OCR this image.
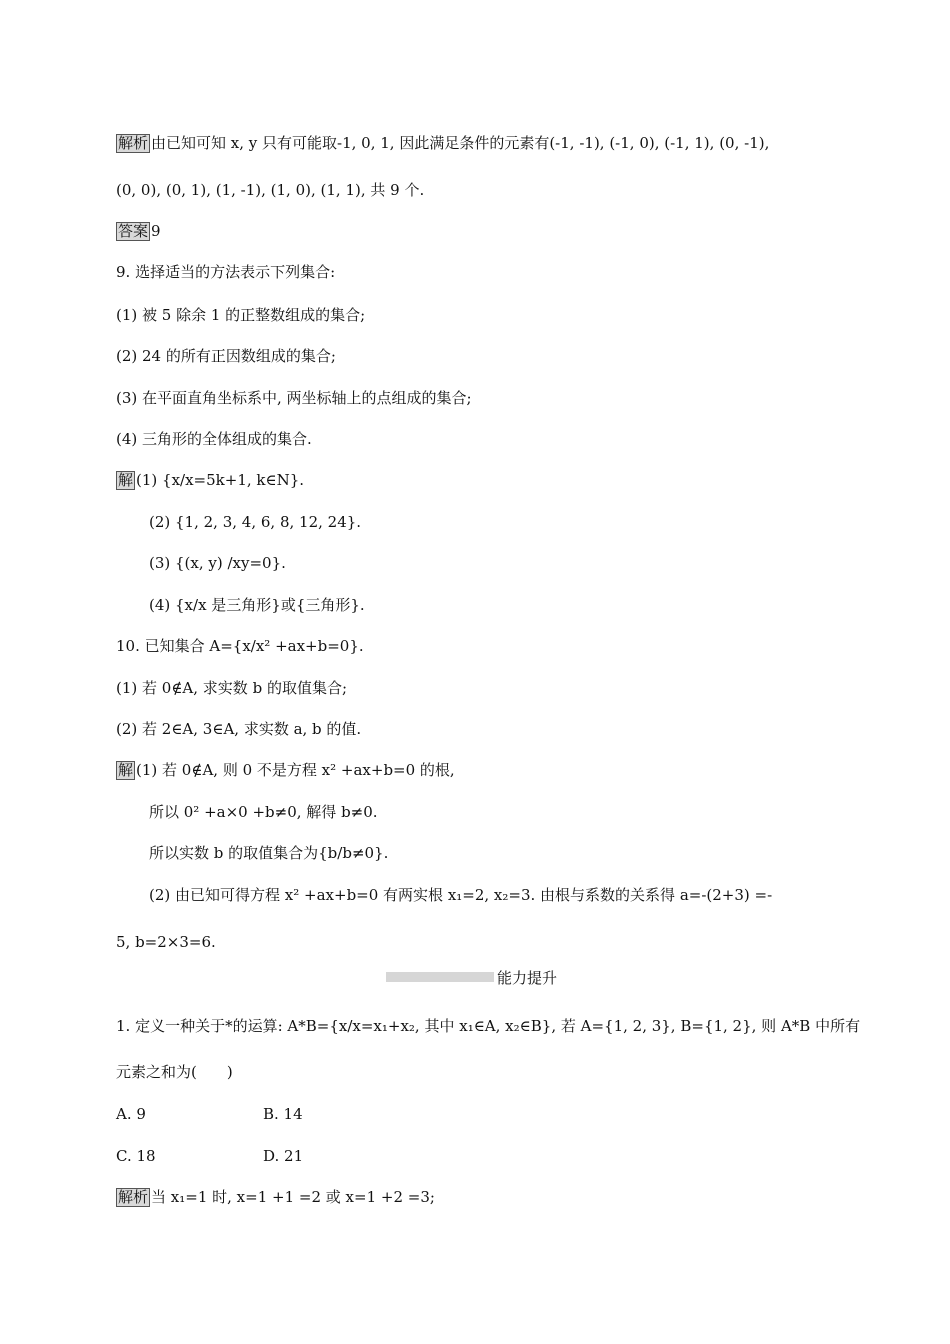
解析 由已知可知 x, y 只有可能取-1, 0, 1, 因此满足条件的元素有(-1, -1), (-1, 0), (-1, 1), (0, -1),
(0, 0), (0, 1), (1, -1), (1, 0), (1, 1), 共 9 个.
答案 9
9. 选择适当的方法表示下列集合:
(1) 被 5 除余 1 的正整数组成的集合;
(2) 24 的所有正因数组成的集合;
(3) 在平面直角坐标系中, 两坐标轴上的点组成的集合;
(4) 三角形的全体组成的集合.
解 (1) {x/x=5k+1, k∈N}.
(2) {1, 2, 3, 4, 6, 8, 12, 24}.
(3) {(x, y) /xy=0}.
(4) {x/x 是三角形}或{三角形}.
10. 已知集合 A={x/x² +ax+b=0}.
(1) 若 0∉A, 求实数 b 的取值集合;
(2) 若 2∈A, 3∈A, 求实数 a, b 的值.
解 (1) 若 0∉A, 则 0 不是方程 x² +ax+b=0 的根,
所以 0² +a×0 +b≠0, 解得 b≠0.
所以实数 b 的取值集合为{b/b≠0}.
(2) 由已知可得方程 x² +ax+b=0 有两实根 x₁=2, x₂=3. 由根与系数的关系得 a=-(2+3) =-
5, b=2×3=6.
能力提升
1. 定义一种关于*的运算: A*B={x/x=x₁+x₂, 其中 x₁∈A, x₂∈B}, 若 A={1, 2, 3}, B={1, 2}, 则 A*B 中所有
元素之和为(　　)
A. 9	B. 14
C. 18	D. 21
解析 当 x₁=1 时, x=1 +1 =2 或 x=1 +2 =3;
